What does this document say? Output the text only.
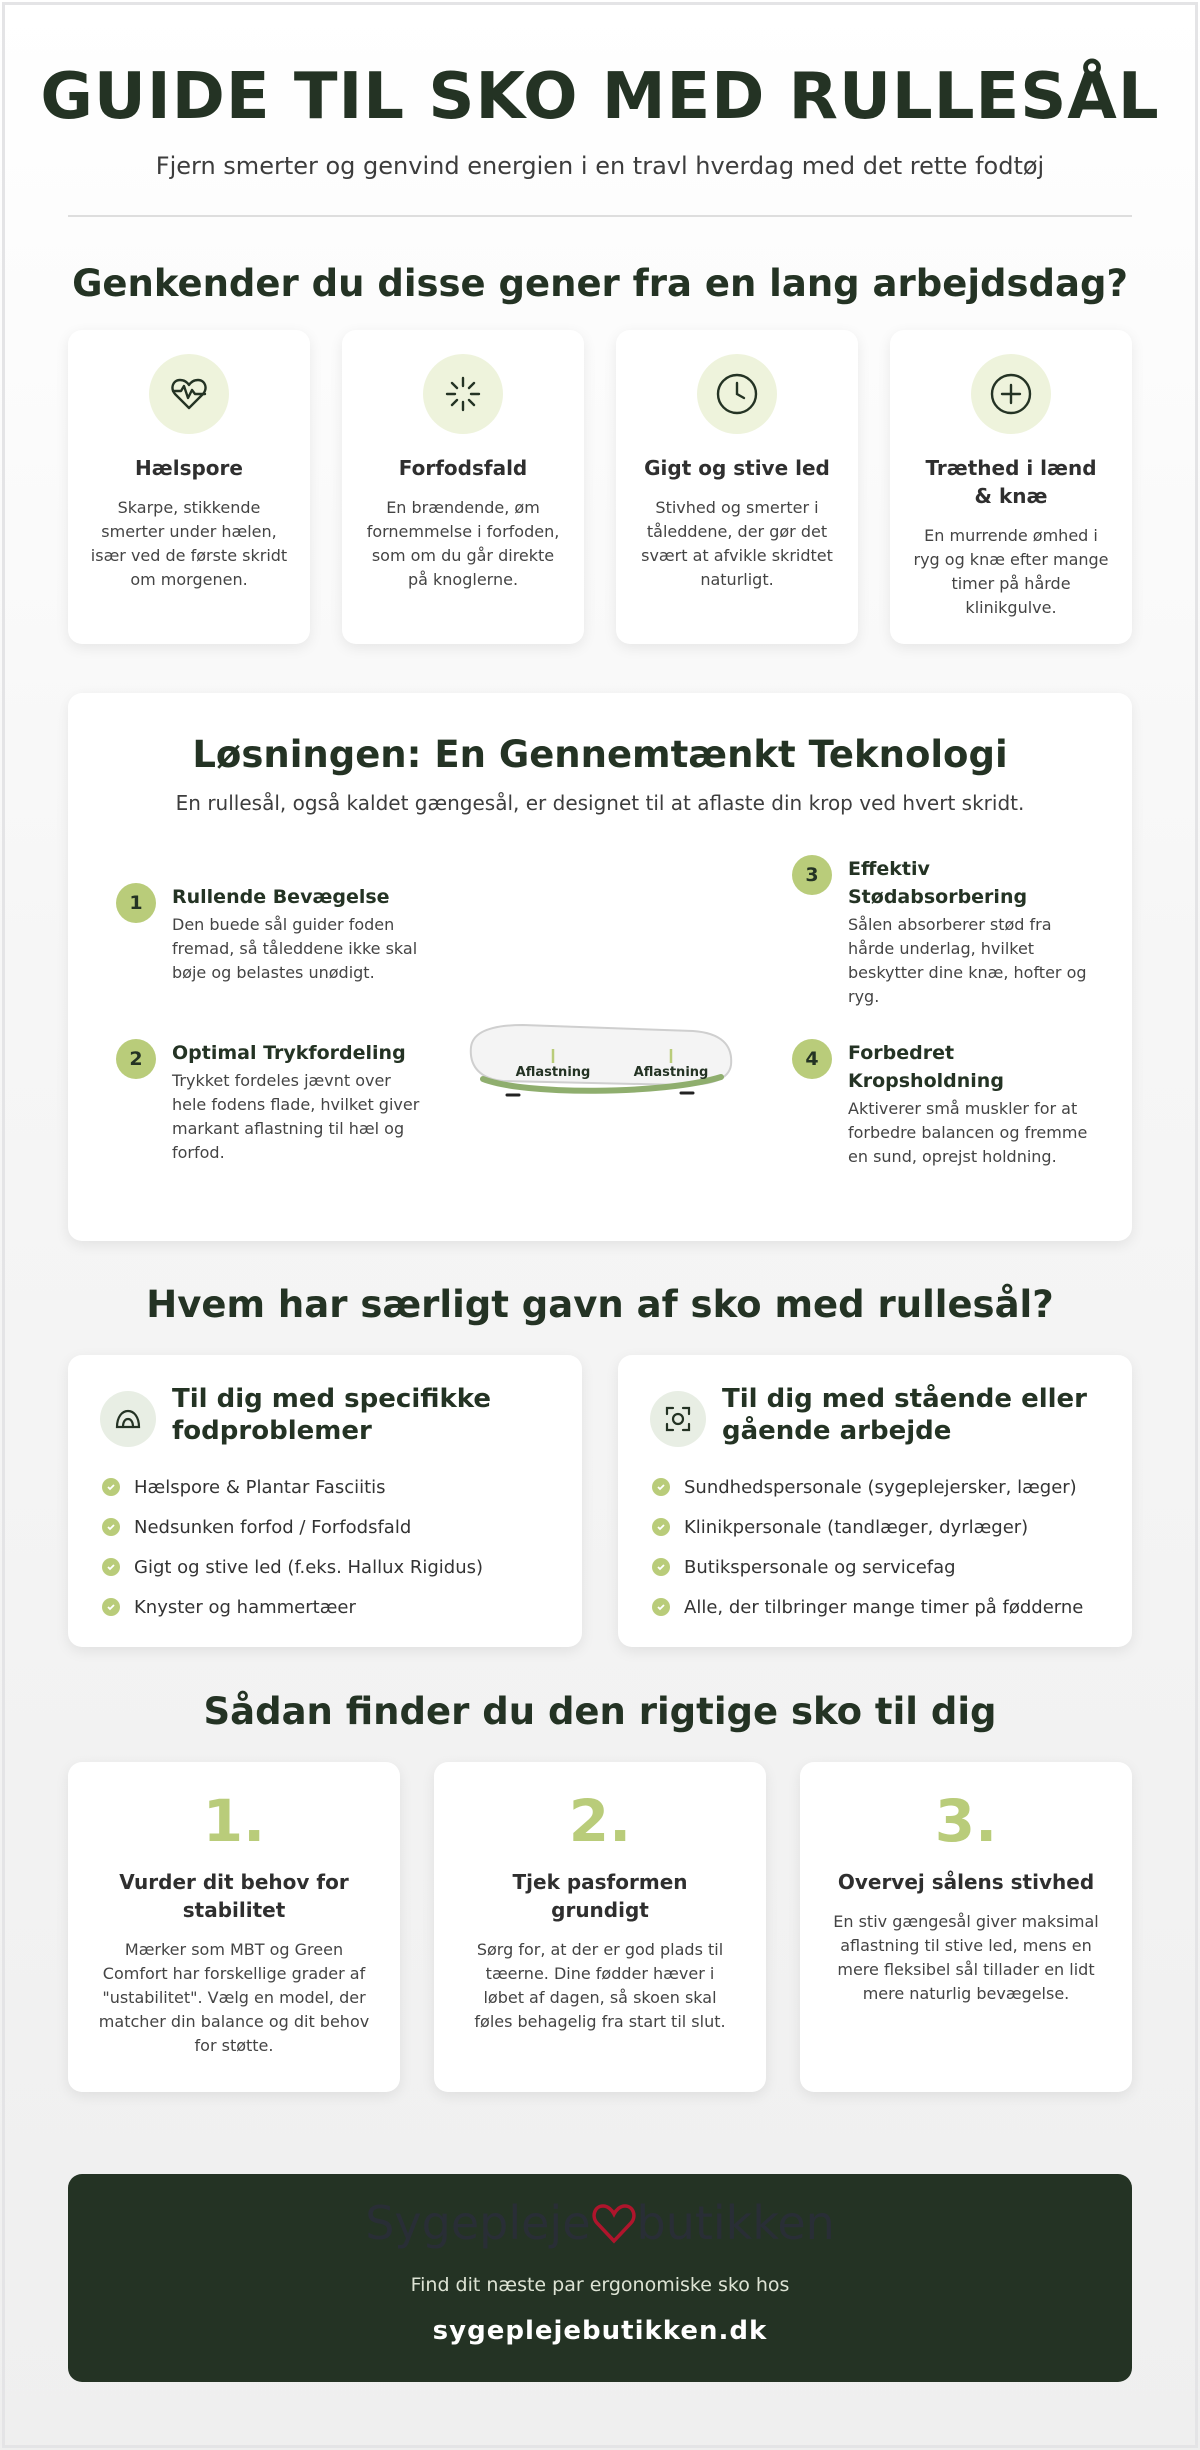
GUIDE TIL SKO MED RULLESÅL
Fjern smerter og genvind energien i en travl hverdag med det rette fodtøj
Genkender du disse gener fra en lang arbejdsdag?
Hælspore
Skarpe, stikkende smerter under hælen, især ved de første skridt om morgenen.
Forfodsfald
En brændende, øm fornemmelse i forfoden, som om du går direkte på knoglerne.
Gigt og stive led
Stivhed og smerter i tåleddene, der gør det svært at afvikle skridtet naturligt.
Træthed i lænd & knæ
En murrende ømhed i ryg og knæ efter mange timer på hårde klinikgulve.
Løsningen: En Gennemtænkt Teknologi
En rullesål, også kaldet gængesål, er designet til at aflaste din krop ved hvert skridt.
1	Rullende Bevægelse
Den buede sål guider foden fremad, så tåleddene ikke skal bøje og belastes unødigt.
2	Optimal Trykfordeling
Trykket fordeles jævnt over hele fodens flade, hvilket giver markant aflastning til hæl og forfod.
3	Effektiv Stødabsorbering
Sålen absorberer stød fra hårde underlag, hvilket beskytter dine knæ, hofter og ryg.
4	Forbedret Kropsholdning
Aktiverer små muskler for at forbedre balancen og fremme en sund, oprejst holdning.
Aflastning	Aflastning
Hvem har særligt gavn af sko med rullesål?
Til dig med specifikke fodproblemer
Hælspore & Plantar Fasciitis
Nedsunken forfod / Forfodsfald
Gigt og stive led (f.eks. Hallux Rigidus)
Knyster og hammertæer
Til dig med stående eller gående arbejde
Sundhedspersonale (sygeplejersker, læger)
Klinikpersonale (tandlæger, dyrlæger)
Butikspersonale og servicefag
Alle, der tilbringer mange timer på fødderne
Sådan finder du den rigtige sko til dig
1.
Vurder dit behov for stabilitet
Mærker som MBT og Green Comfort har forskellige grader af "ustabilitet". Vælg en model, der matcher din balance og dit behov for støtte.
2.
Tjek pasformen grundigt
Sørg for, at der er god plads til tæerne. Dine fødder hæver i løbet af dagen, så skoen skal føles behagelig fra start til slut.
3.
Overvej sålens stivhed
En stiv gængesål giver maksimal aflastning til stive led, mens en mere fleksibel sål tillader en lidt mere naturlig bevægelse.
Sygepleje butikken
Find dit næste par ergonomiske sko hos
sygeplejebutikken.dk
